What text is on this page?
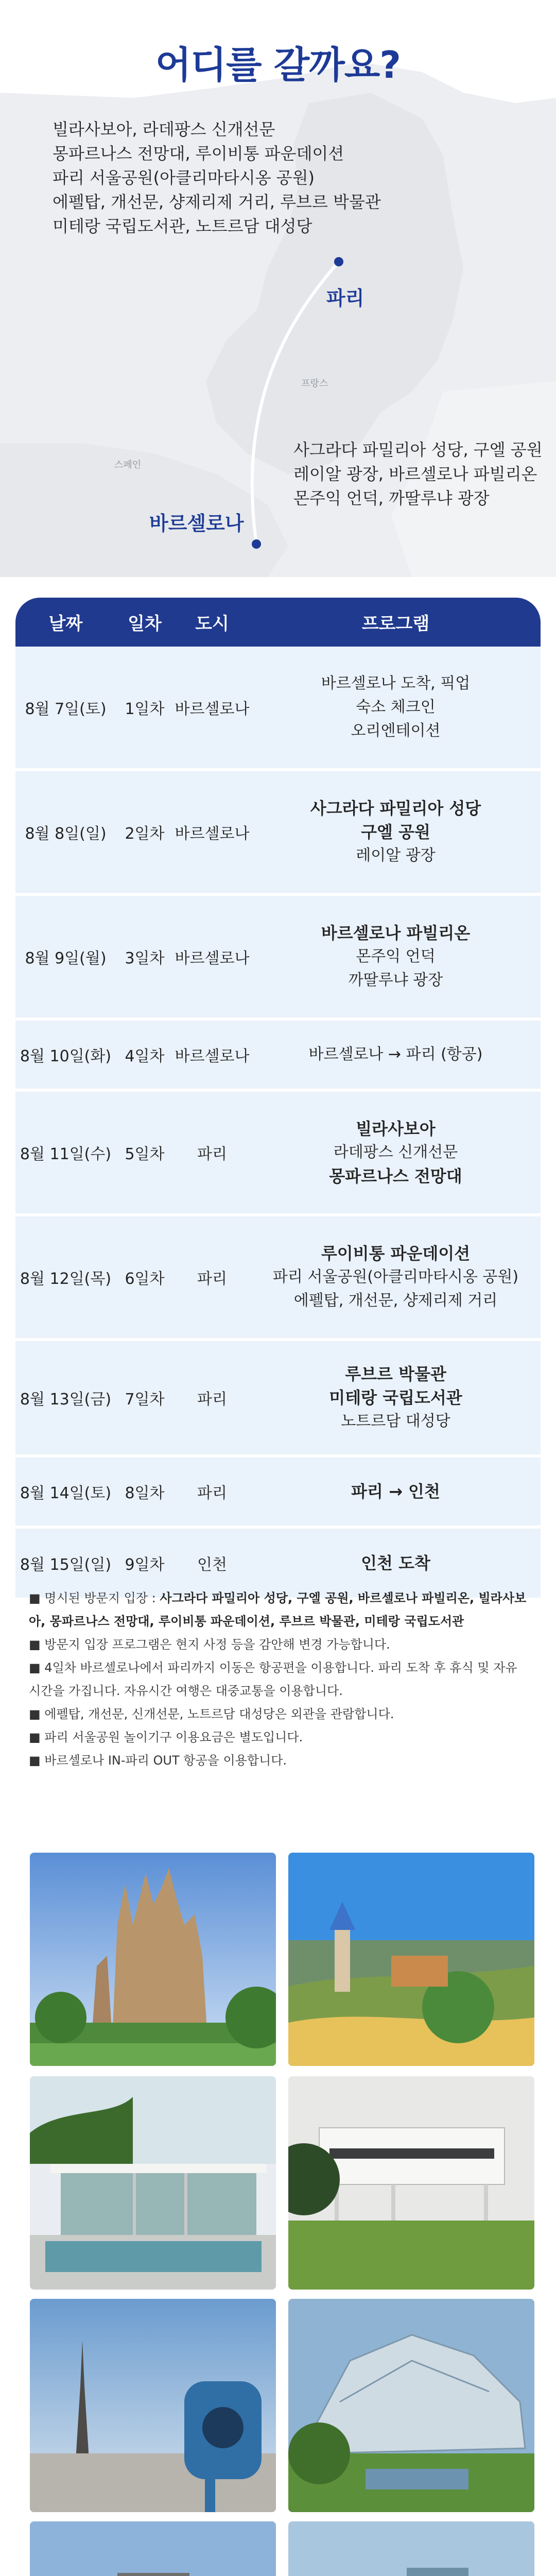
어디를 갈까요?
빌라사보아, 라데팡스 신개선문
몽파르나스 전망대, 루이비통 파운데이션
파리 서울공원(아클리마타시옹 공원)
에펠탑, 개선문, 샹제리제 거리, 루브르 박물관
미테랑 국립도서관, 노트르담 대성당
파리
프랑스
스페인
사그라다 파밀리아 성당, 구엘 공원
레이알 광장, 바르셀로나 파빌리온
몬주익 언덕, 까딸루냐 광장
바르셀로나
날짜	일차	도시	프로그램
8월 7일(토)	1일차 바르셀로나
바르셀로나 도착, 픽업
숙소 체크인
오리엔테이션
8월 8일(일)	2일차 바르셀로나
사그라다 파밀리아 성당
구엘 공원
레이알 광장
8월 9일(월)	3일차 바르셀로나
바르셀로나 파빌리온
몬주익 언덕
까딸루냐 광장
8월 10일(화) 4일차 바르셀로나	바르셀로나 → 파리 (항공)
8월 11일(수) 5일차	파리
빌라사보아
라데팡스 신개선문
몽파르나스 전망대
8월 12일(목) 6일차	파리
루이비통 파운데이션
파리 서울공원(아클리마타시옹 공원)
에펠탑, 개선문, 샹제리제 거리
8월 13일(금) 7일차	파리
루브르 박물관
미테랑 국립도서관
노트르담 대성당
8월 14일(토) 8일차	파리	파리 → 인천
8월 15일(일) 9일차	인천	인천 도착

■ 명시된 방문지 입장 : 사그라다 파밀리아 성당, 구엘 공원, 바르셀로나 파빌리온, 빌라사보아, 몽파르나스 전망대, 루이비통 파운데이션, 루브르 박물관, 미테랑 국립도서관

■ 방문지 입장 프로그램은 현지 사정 등을 감안해 변경 가능합니다.

■ 4일차 바르셀로나에서 파리까지 이동은 항공편을 이용합니다. 파리 도착 후 휴식 및 자유시간을 가집니다. 자유시간 여행은 대중교통을 이용합니다.

■ 에펠탑, 개선문, 신개선문, 노트르담 대성당은 외관을 관람합니다.

■ 파리 서울공원 놀이기구 이용요금은 별도입니다.

■ 바르셀로나 IN-파리 OUT 항공을 이용합니다.
